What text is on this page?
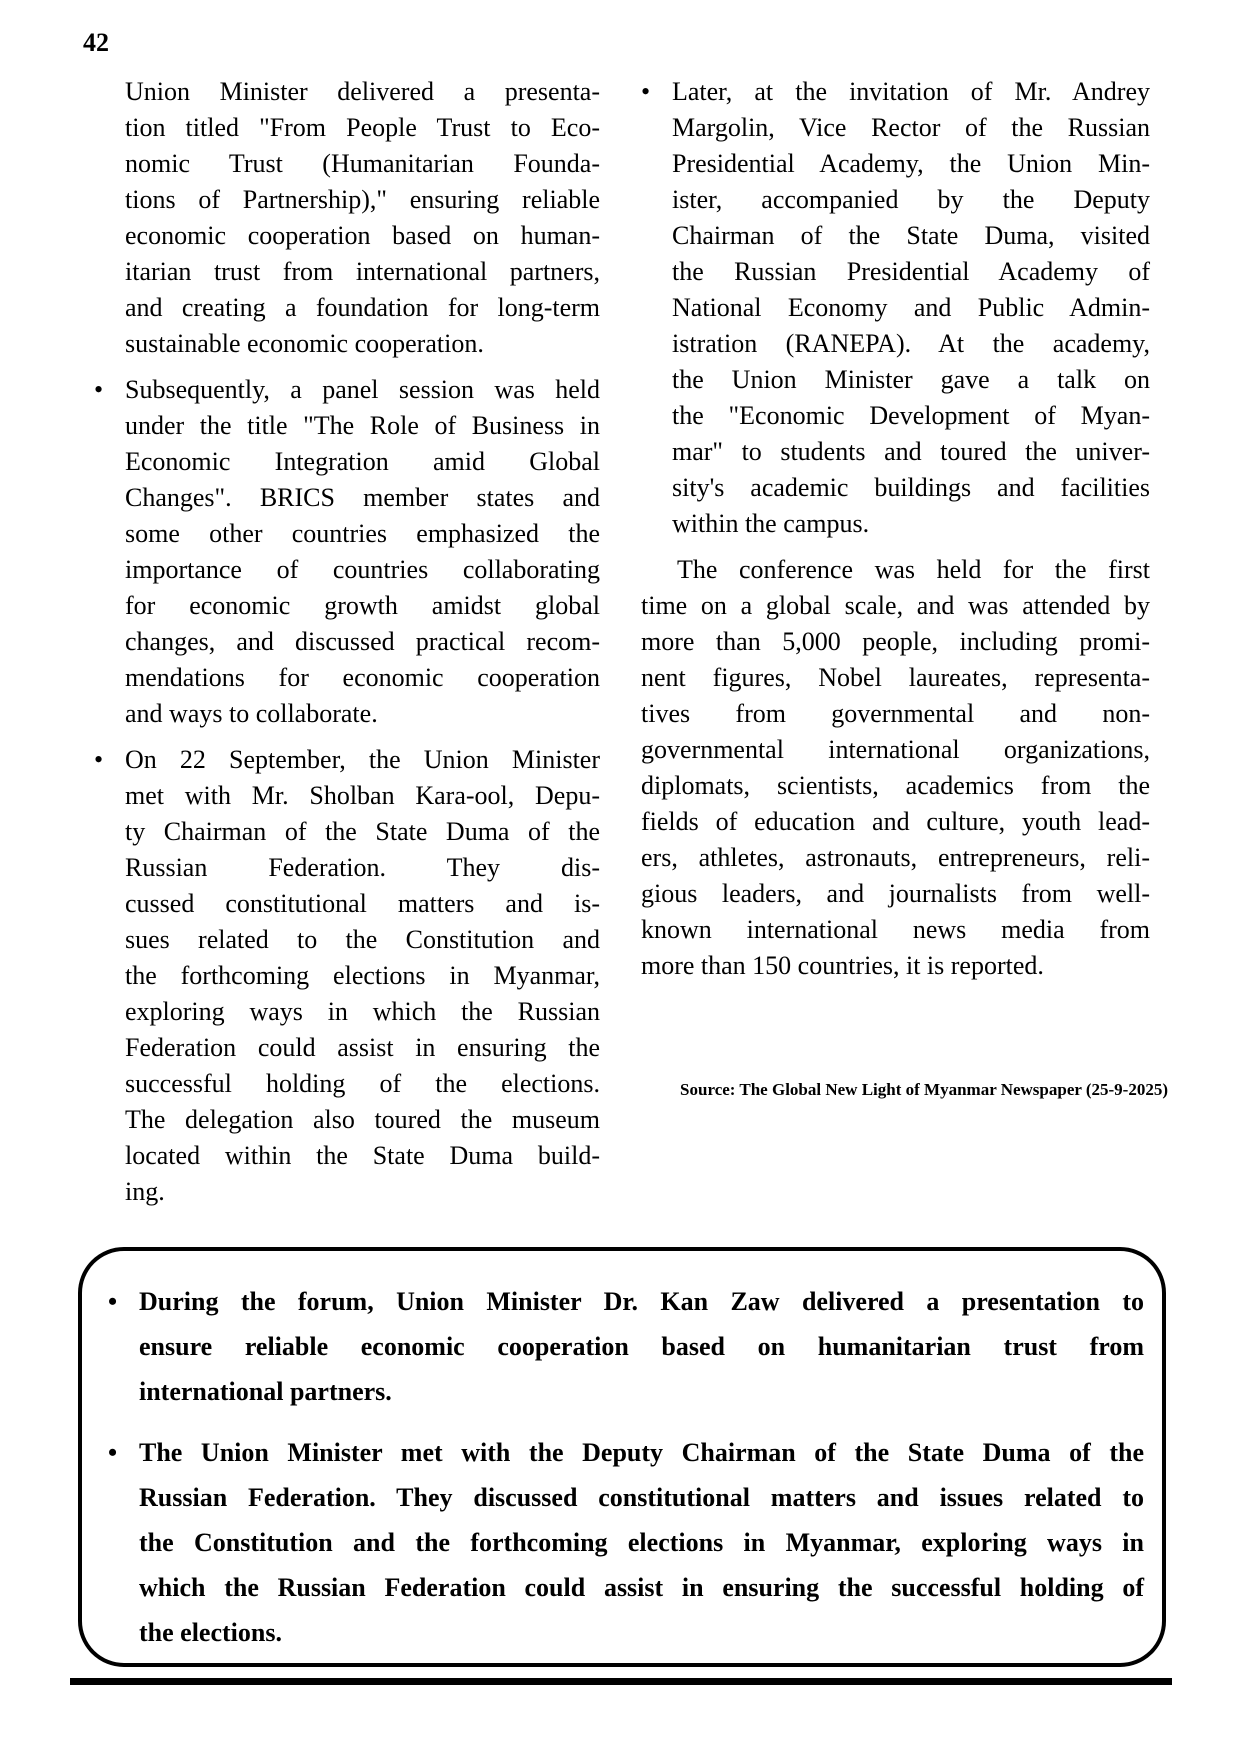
42
Union Minister delivered a presenta-
tion titled "From People Trust to Eco-
nomic Trust (Humanitarian Founda-
tions of Partnership)," ensuring reliable
economic cooperation based on human-
itarian trust from international partners,
and creating a foundation for long-term
sustainable economic cooperation.
• Subsequently, a panel session was held
under the title "The Role of Business in
Economic Integration amid Global
Changes". BRICS member states and
some other countries emphasized the
importance of countries collaborating
for economic growth amidst global
changes, and discussed practical recom-
mendations for economic cooperation
and ways to collaborate.
• On 22 September, the Union Minister
met with Mr. Sholban Kara-ool, Depu-
ty Chairman of the State Duma of the
Russian Federation. They dis-
cussed constitutional matters and is-
sues related to the Constitution and
the forthcoming elections in Myanmar,
exploring ways in which the Russian
Federation could assist in ensuring the
successful holding of the elections.
The delegation also toured the museum
located within the State Duma build-
ing.
• Later, at the invitation of Mr. Andrey
Margolin, Vice Rector of the Russian
Presidential Academy, the Union Min-
ister, accompanied by the Deputy
Chairman of the State Duma, visited
the Russian Presidential Academy of
National Economy and Public Admin-
istration (RANEPA). At the academy,
the Union Minister gave a talk on
the "Economic Development of Myan-
mar" to students and toured the univer-
sity's academic buildings and facilities
within the campus.
The conference was held for the first
time on a global scale, and was attended by
more than 5,000 people, including promi-
nent figures, Nobel laureates, representa-
tives from governmental and non-
governmental international organizations,
diplomats, scientists, academics from the
fields of education and culture, youth lead-
ers, athletes, astronauts, entrepreneurs, reli-
gious leaders, and journalists from well-
known international news media from
more than 150 countries, it is reported.
Source: The Global New Light of Myanmar Newspaper (25-9-2025)
• During the forum, Union Minister Dr. Kan Zaw delivered a presentation to
ensure reliable economic cooperation based on humanitarian trust from
international partners.
• The Union Minister met with the Deputy Chairman of the State Duma of the
Russian Federation. They discussed constitutional matters and issues related to
the Constitution and the forthcoming elections in Myanmar, exploring ways in
which the Russian Federation could assist in ensuring the successful holding of
the elections.
